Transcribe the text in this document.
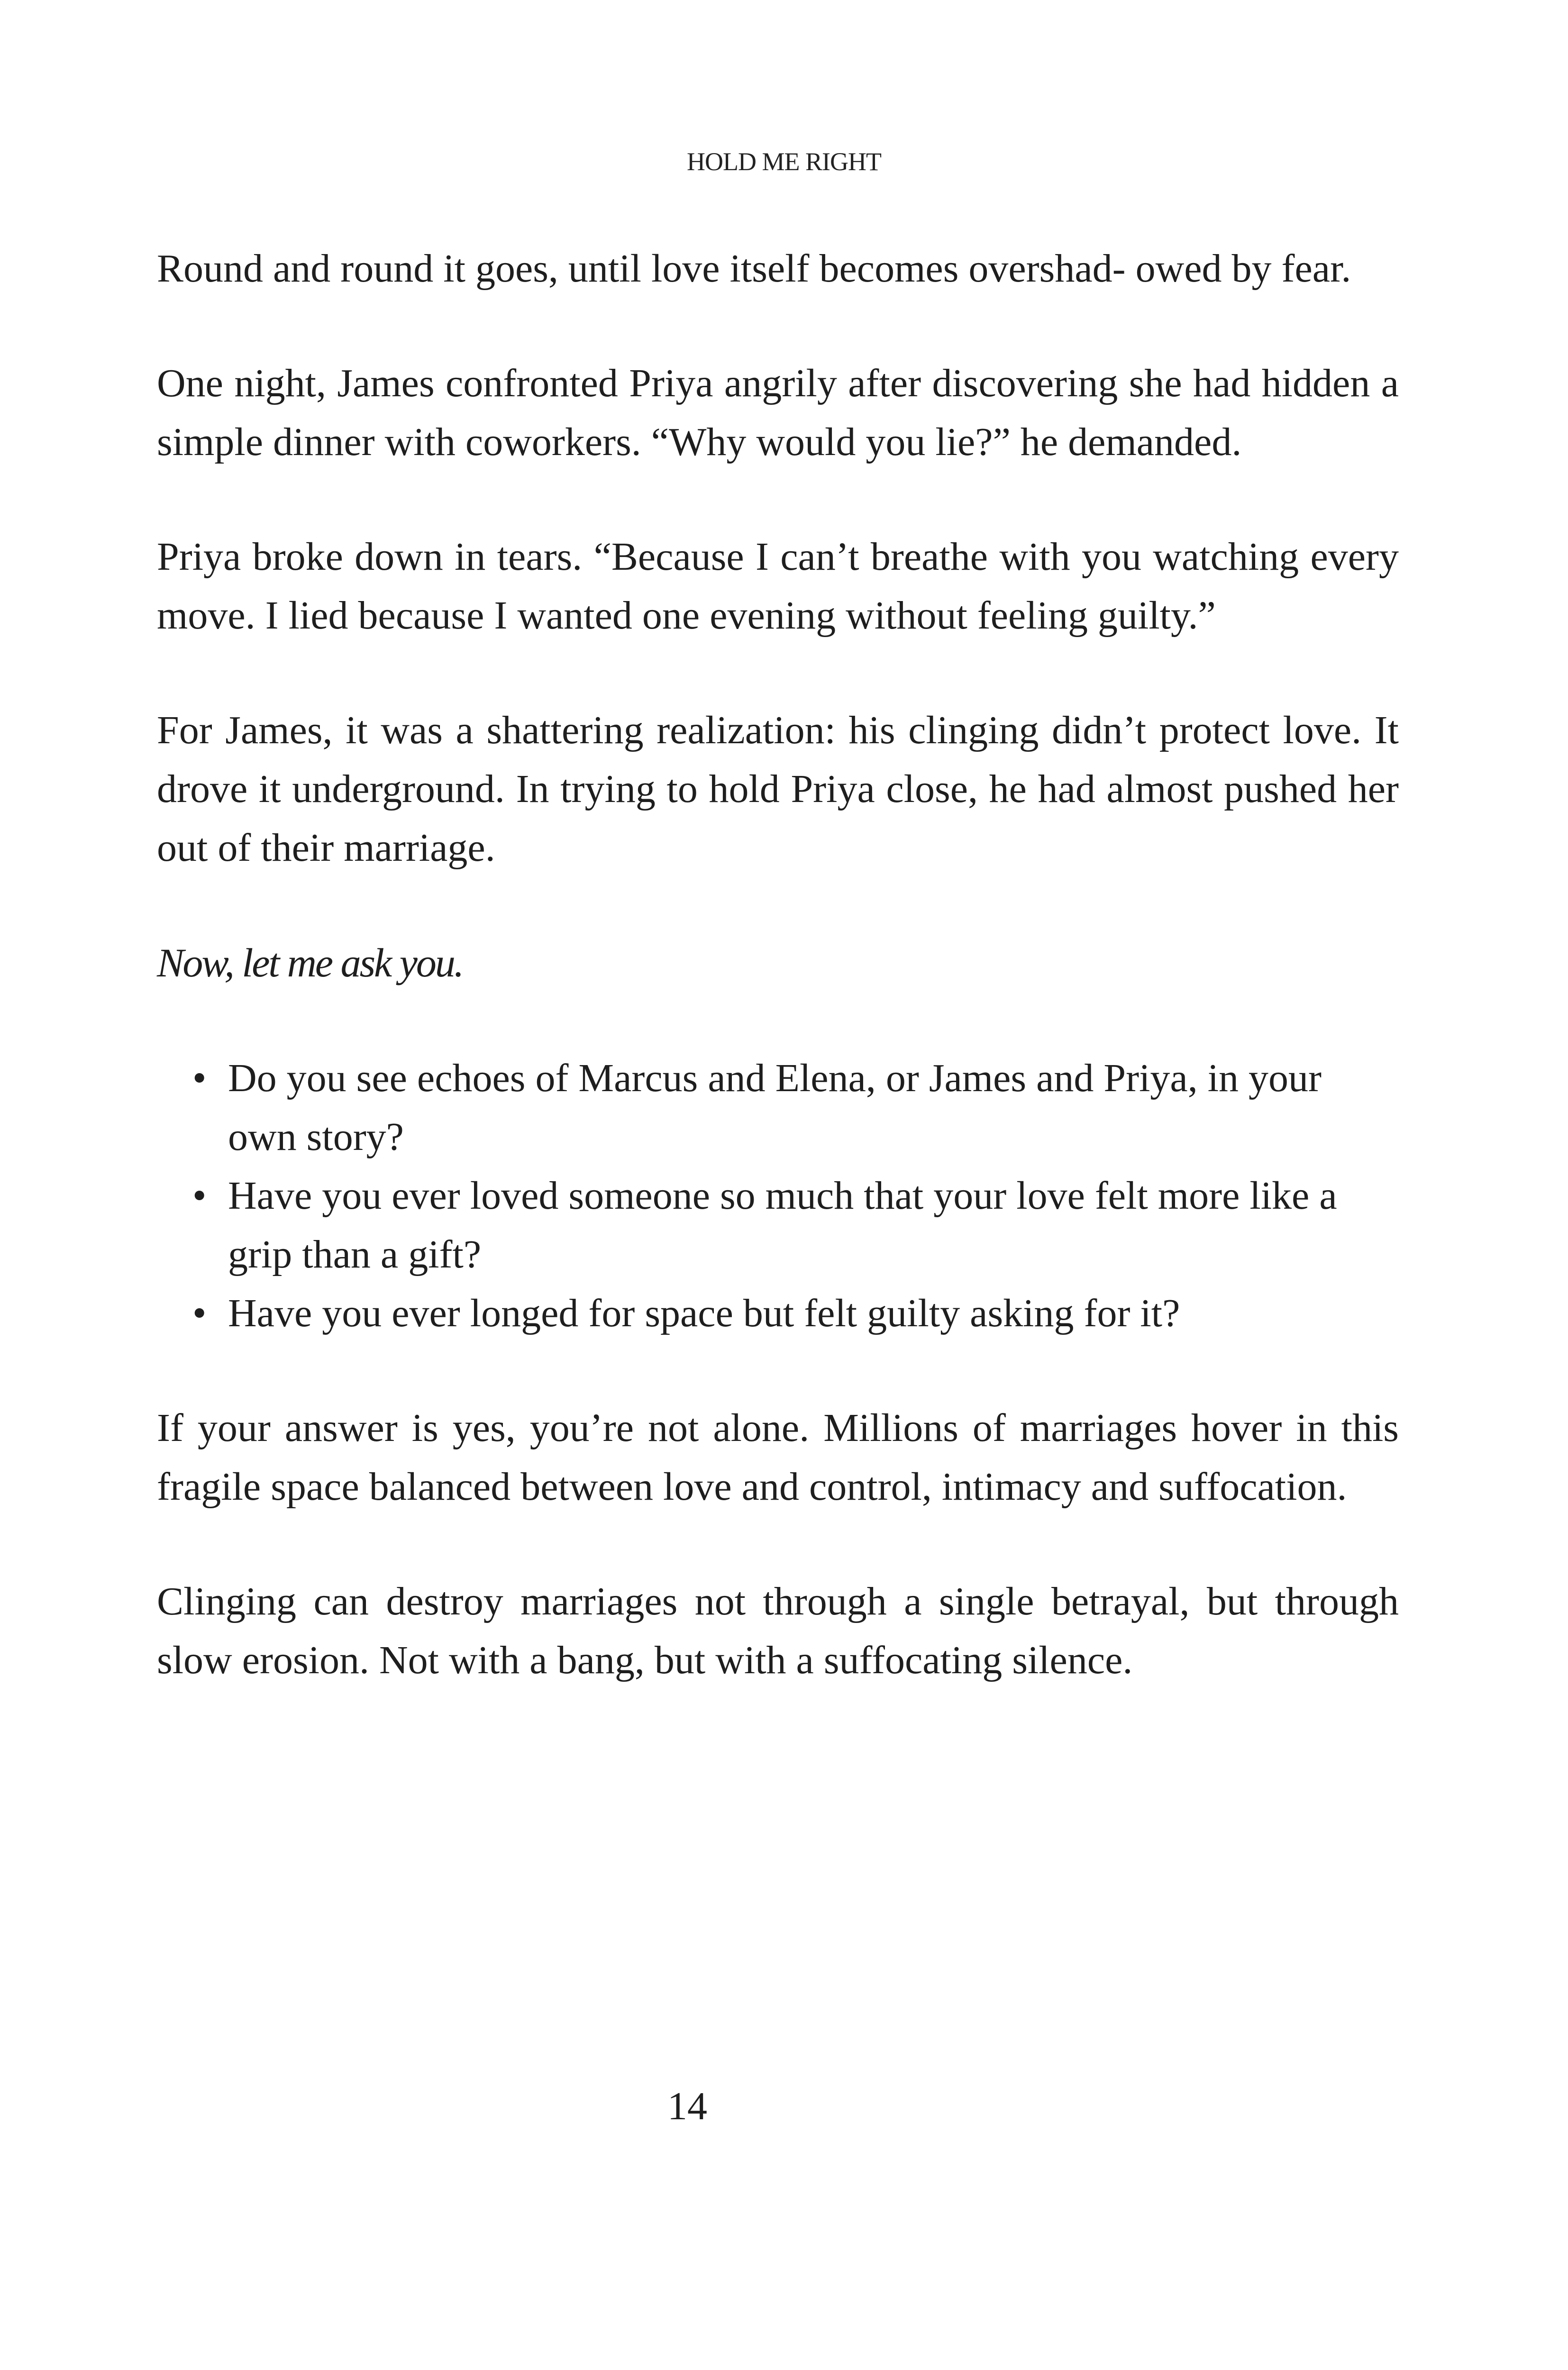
HOLD ME RIGHT

Round and round it goes, until love itself becomes overshad- owed by fear.

One night, James confronted Priya angrily after discovering she had hidden a simple dinner with coworkers. “Why would you lie?” he demanded.

Priya broke down in tears. “Because I can’t breathe with you watching every move. I lied because I wanted one evening without feeling guilty.”

For James, it was a shattering realization: his clinging didn’t protect love. It drove it underground. In trying to hold Priya close, he had almost pushed her out of their marriage.

Now, let me ask you.

• Do you see echoes of Marcus and Elena, or James and Priya, in your own story?
• Have you ever loved someone so much that your love felt more like a grip than a gift?
• Have you ever longed for space but felt guilty asking for it?

If your answer is yes, you’re not alone. Millions of marriages hover in this fragile space balanced between love and control, intimacy and suffocation.

Clinging can destroy marriages not through a single betrayal, but through slow erosion. Not with a bang, but with a suffocating silence.

14
